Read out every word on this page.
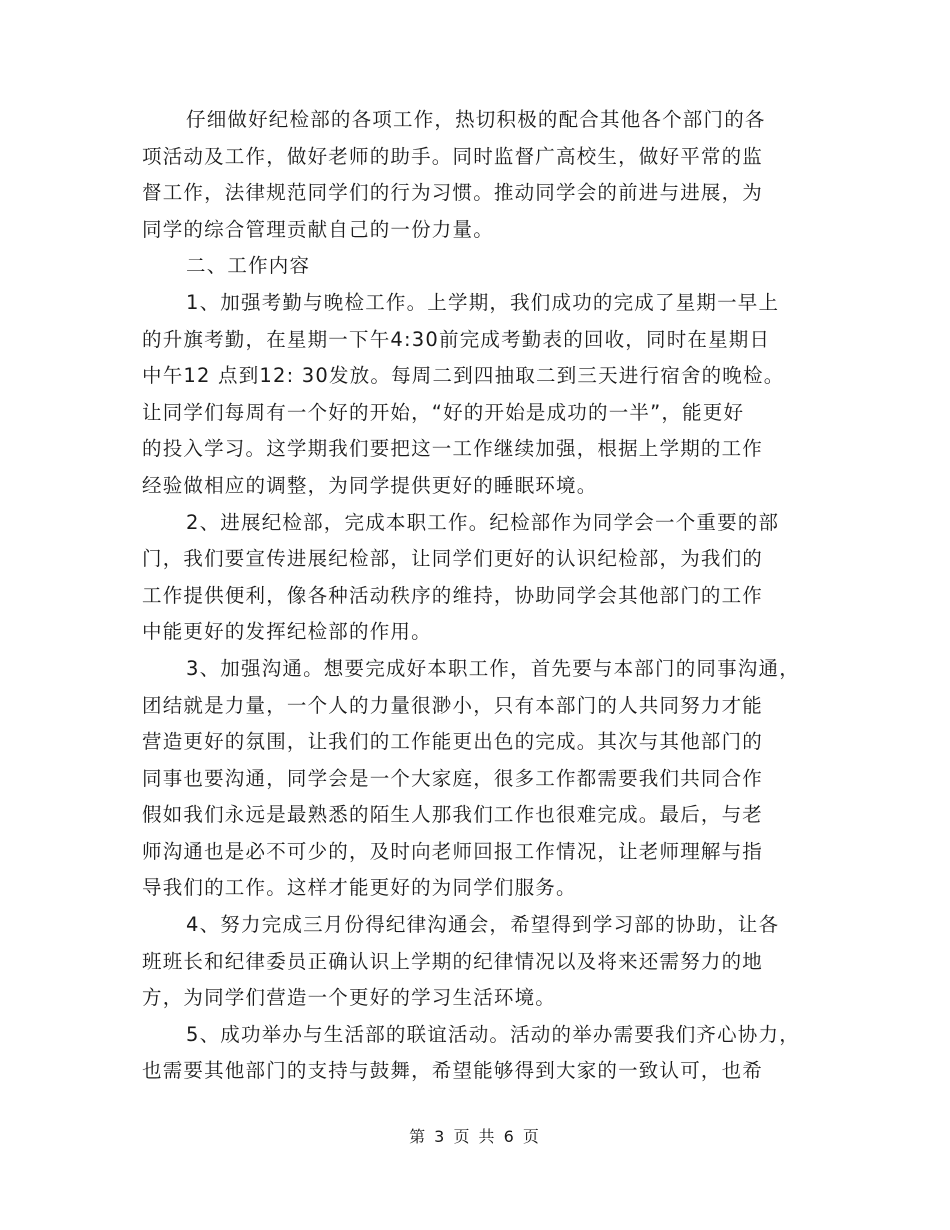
仔细做好纪检部的各项工作，热切积极的配合其他各个部门的各
项活动及工作，做好老师的助手。同时监督广高校生，做好平常的监
督工作，法律规范同学们的行为习惯。推动同学会的前进与进展，为
同学的综合管理贡献自己的一份力量。
二、工作内容
1、加强考勤与晚检工作。上学期，我们成功的完成了星期一早上
的升旗考勤，在星期一下午4:30前完成考勤表的回收，同时在星期日
中午12 点到12: 30发放。每周二到四抽取二到三天进行宿舍的晚检。
让同学们每周有一个好的开始，“好的开始是成功的一半”，能更好
的投入学习。这学期我们要把这一工作继续加强，根据上学期的工作
经验做相应的调整，为同学提供更好的睡眠环境。
2、进展纪检部，完成本职工作。纪检部作为同学会一个重要的部
门，我们要宣传进展纪检部，让同学们更好的认识纪检部，为我们的
工作提供便利，像各种活动秩序的维持，协助同学会其他部门的工作
中能更好的发挥纪检部的作用。
3、加强沟通。想要完成好本职工作，首先要与本部门的同事沟通，
团结就是力量，一个人的力量很渺小，只有本部门的人共同努力才能
营造更好的氛围，让我们的工作能更出色的完成。其次与其他部门的
同事也要沟通，同学会是一个大家庭，很多工作都需要我们共同合作
假如我们永远是最熟悉的陌生人那我们工作也很难完成。最后，与老
师沟通也是必不可少的，及时向老师回报工作情况，让老师理解与指
导我们的工作。这样才能更好的为同学们服务。
4、努力完成三月份得纪律沟通会，希望得到学习部的协助，让各
班班长和纪律委员正确认识上学期的纪律情况以及将来还需努力的地
方，为同学们营造一个更好的学习生活环境。
5、成功举办与生活部的联谊活动。活动的举办需要我们齐心协力，
也需要其他部门的支持与鼓舞，希望能够得到大家的一致认可，也希
第 3 页 共 6 页
